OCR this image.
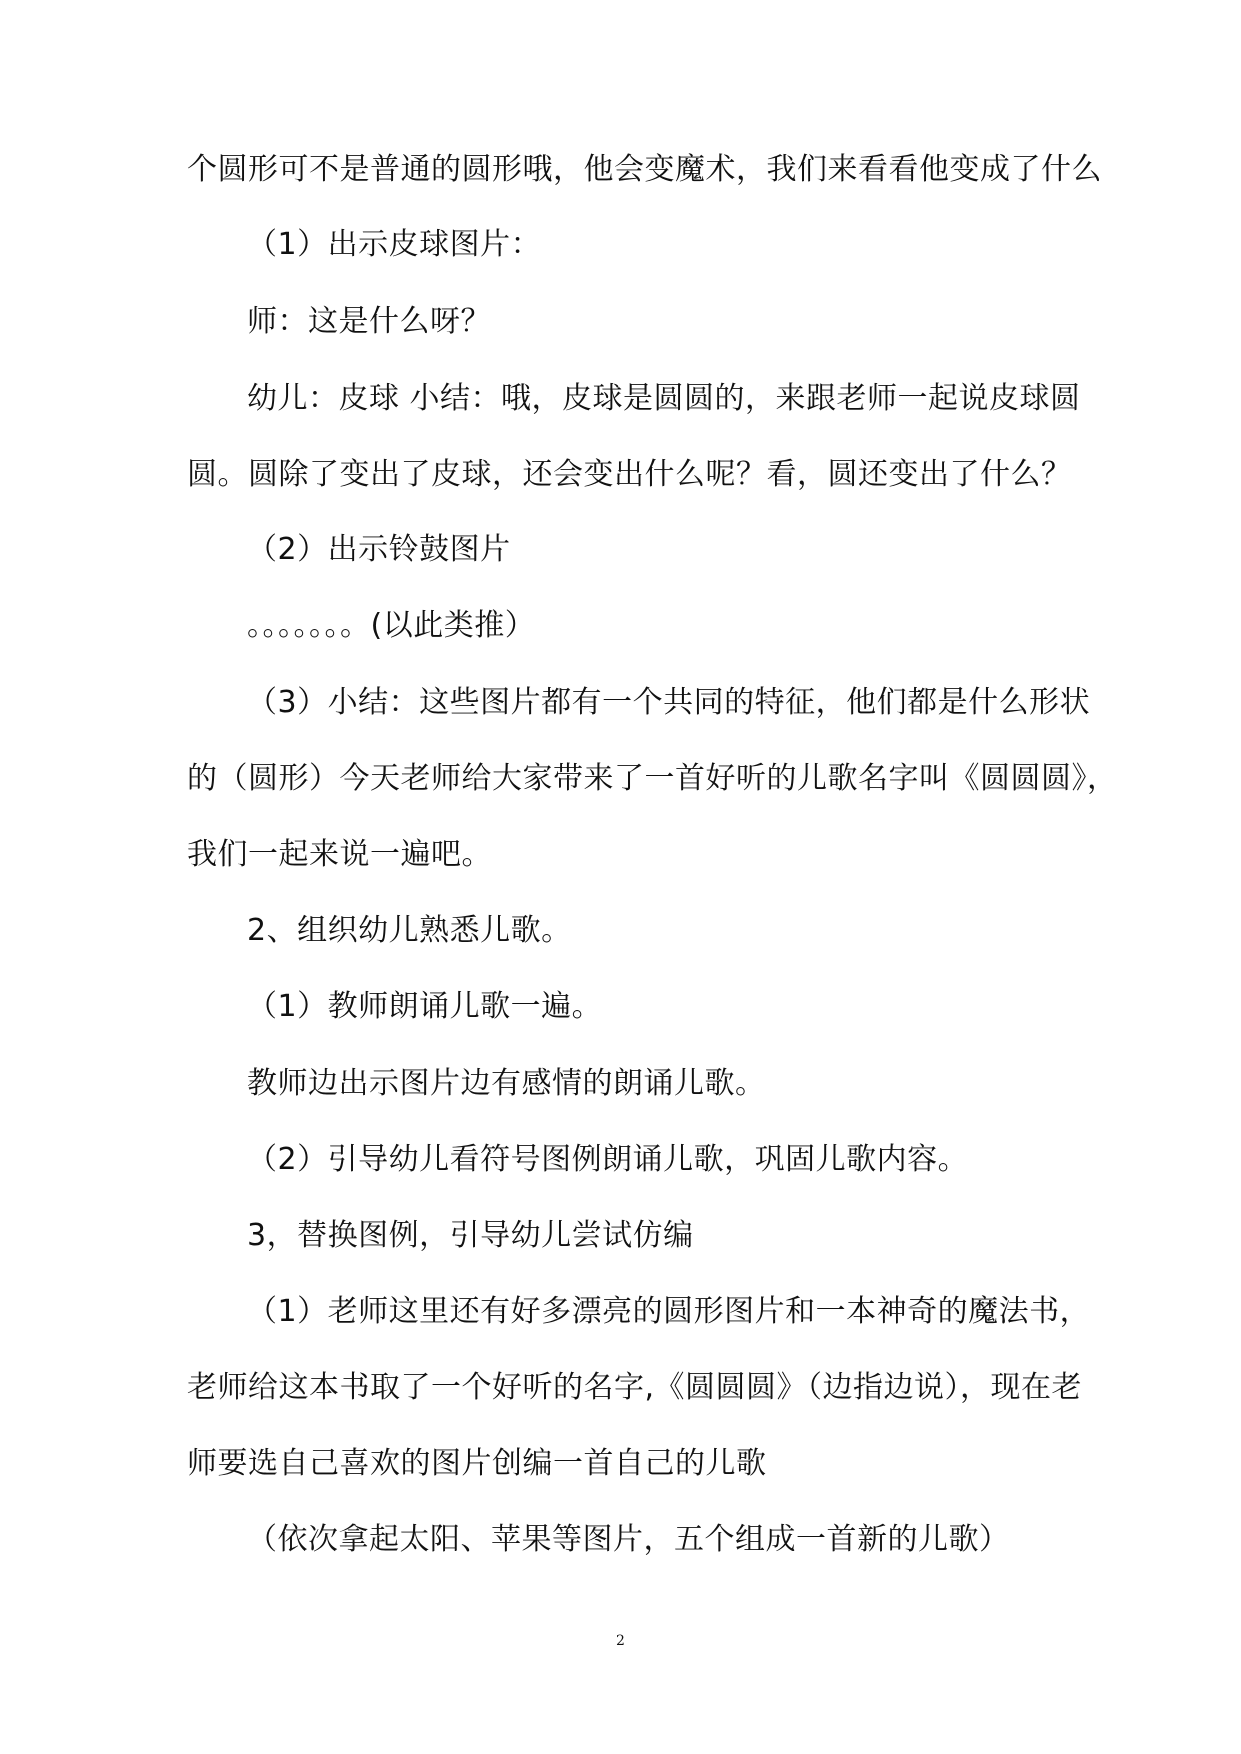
个圆形可不是普通的圆形哦，他会变魔术，我们来看看他变成了什么
（1）出示皮球图片：
师：这是什么呀？
幼儿：皮球 小结：哦，皮球是圆圆的，来跟老师一起说皮球圆
圆。圆除了变出了皮球，还会变出什么呢？看，圆还变出了什么？
（2）出示铃鼓图片
。。。。。。。(以此类推）
（3）小结：这些图片都有一个共同的特征，他们都是什么形状
的（圆形）今天老师给大家带来了一首好听的儿歌名字叫《圆圆圆》，
我们一起来说一遍吧。
2、组织幼儿熟悉儿歌。
（1）教师朗诵儿歌一遍。
教师边出示图片边有感情的朗诵儿歌。
（2）引导幼儿看符号图例朗诵儿歌，巩固儿歌内容。
3，替换图例，引导幼儿尝试仿编
（1）老师这里还有好多漂亮的圆形图片和一本神奇的魔法书，
老师给这本书取了一个好听的名字,《圆圆圆》（边指边说），现在老
师要选自己喜欢的图片创编一首自己的儿歌
（依次拿起太阳、苹果等图片，五个组成一首新的儿歌）
2
